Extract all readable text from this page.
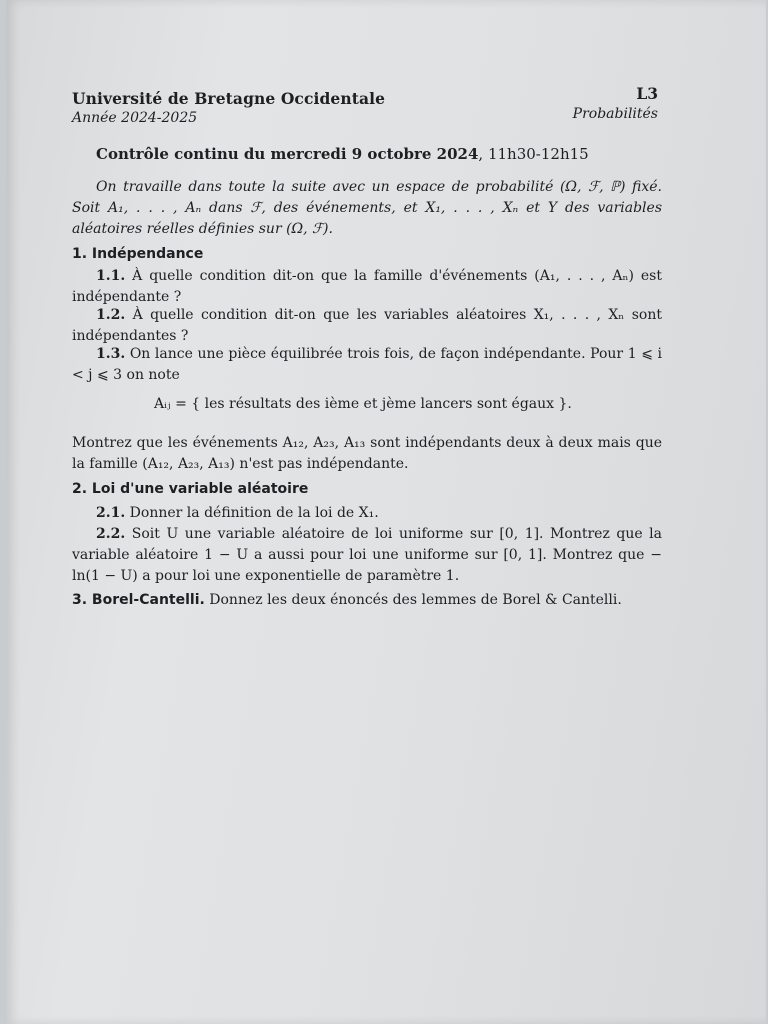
Université de Bretagne Occidentale
Année 2024-2025
L3
Probabilités
Contrôle continu du mercredi 9 octobre 2024, 11h30-12h15
On travaille dans toute la suite avec un espace de probabilité (Ω, ℱ, ℙ) fixé. Soit A₁, . . . , Aₙ dans ℱ, des événements, et X₁, . . . , Xₙ et Y des variables aléatoires réelles définies sur (Ω, ℱ).
1. Indépendance
1.1. À quelle condition dit-on que la famille d'événements (A₁, . . . , Aₙ) est indépendante ?
1.2. À quelle condition dit-on que les variables aléatoires X₁, . . . , Xₙ sont indépendantes ?
1.3. On lance une pièce équilibrée trois fois, de façon indépendante. Pour 1 ⩽ i < j ⩽ 3 on note
Aᵢⱼ = { les résultats des ième et jème lancers sont égaux }.
Montrez que les événements A₁₂, A₂₃, A₁₃ sont indépendants deux à deux mais que la famille (A₁₂, A₂₃, A₁₃) n'est pas indépendante.
2. Loi d'une variable aléatoire
2.1. Donner la définition de la loi de X₁.
2.2. Soit U une variable aléatoire de loi uniforme sur [0, 1]. Montrez que la variable aléatoire 1 − U a aussi pour loi une uniforme sur [0, 1]. Montrez que − ln(1 − U) a pour loi une exponentielle de paramètre 1.
3. Borel-Cantelli. Donnez les deux énoncés des lemmes de Borel & Cantelli.
